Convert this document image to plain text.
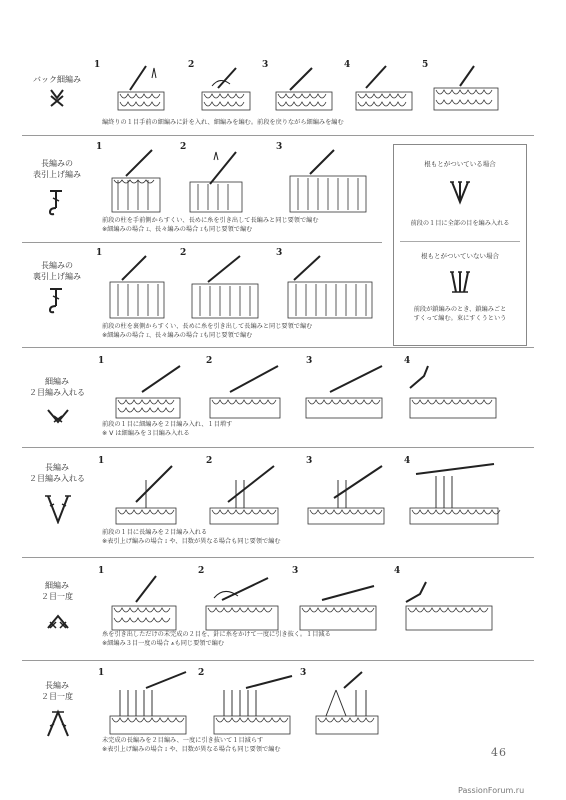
バック細編み
1	2	3	4	5
編終りの１目手前の細編みに針を入れ、細編みを編む。前段を戻りながら細編みを編む
長編みの
表引上げ編み
1	2	3
前段の柱を手前側からすくい、長めに糸を引き出して長編みと同じ要領で編む
※細編みの場合 ፤、長々編みの場合 ፤も同じ要領で編む
長編みの
裏引上げ編み
1	2	3
前段の柱を裏側からすくい、長めに糸を引き出して長編みと同じ要領で編む
※細編みの場合 ፤、長々編みの場合 ፤も同じ要領で編む
根もとがついている場合
前段の１目に全部の目を編み入れる
根もとがついていない場合
前段が鎖編みのとき、鎖編みごと
すくって編む。束にすくうという
細編み
２目編み入れる
1	2	3	4
前段の１目に細編みを２目編み入れ、１目増す
※ V は細編みを３目編み入れる
長編み
２目編み入れる
1	2	3	4
前段の１目に長編みを２目編み入れる
※表引上げ編みの場合 ፤ や、目数が異なる場合も同じ要領で編む
細編み
２目一度
1	2	3	4
糸を引き出しただけの未完成の２目を、針に糸をかけて一度に引き抜く。１目減る
※細編み３目一度の場合 ⩚も同じ要領で編む
長編み
２目一度
1	2	3
未完成の長編みを２目編み、一度に引き抜いて１目減らす
※表引上げ編みの場合 ፤ や、目数が異なる場合も同じ要領で編む	46
PassionForum.ru
